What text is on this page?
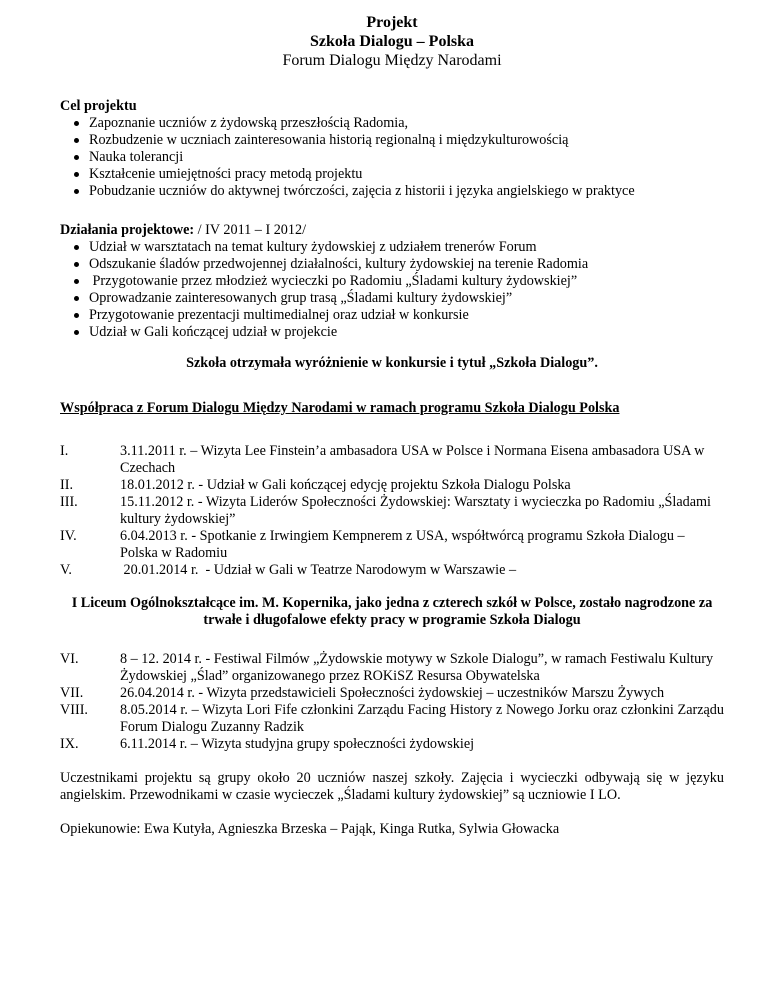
Projekt
Szkoła Dialogu – Polska
Forum Dialogu Między Narodami
Cel projektu
Zapoznanie uczniów z żydowską przeszłością Radomia,
Rozbudzenie w uczniach zainteresowania historią regionalną i międzykulturowością
Nauka tolerancji
Kształcenie umiejętności pracy metodą projektu
Pobudzanie uczniów do aktywnej twórczości, zajęcia z historii i języka angielskiego w praktyce
Działania projektowe: / IV 2011 – I 2012/
Udział w warsztatach na temat kultury żydowskiej z udziałem trenerów Forum
Odszukanie śladów przedwojennej działalności, kultury żydowskiej na terenie Radomia
Przygotowanie przez młodzież wycieczki po Radomiu „Śladami kultury żydowskiej”
Oprowadzanie zainteresowanych grup trasą „Śladami kultury żydowskiej”
Przygotowanie prezentacji multimedialnej oraz udział w konkursie
Udział w Gali kończącej udział w projekcie
Szkoła otrzymała wyróżnienie w konkursie i tytuł „Szkoła Dialogu”.
Współpraca z Forum Dialogu Między Narodami w ramach programu Szkoła Dialogu Polska
I.	3.11.2011 r. – Wizyta Lee Finstein’a ambasadora USA w Polsce i Normana Eisena ambasadora USA w Czechach
II.	18.01.2012 r. - Udział w Gali kończącej edycję projektu Szkoła Dialogu Polska
III.	15.11.2012 r. - Wizyta Liderów Społeczności Żydowskiej: Warsztaty i wycieczka po Radomiu „Śladami kultury żydowskiej”
IV.	6.04.2013 r. - Spotkanie z Irwingiem Kempnerem z USA, współtwórcą programu Szkoła Dialogu – Polska w Radomiu
V.	20.01.2014 r.  - Udział w Gali w Teatrze Narodowym w Warszawie –
I Liceum Ogólnokształcące im. M. Kopernika, jako jedna z czterech szkół w Polsce, zostało nagrodzone za trwałe i długofalowe efekty pracy w programie Szkoła Dialogu
VI.	8 – 12. 2014 r. - Festiwal Filmów „Żydowskie motywy w Szkole Dialogu”, w ramach Festiwalu Kultury Żydowskiej „Ślad” organizowanego przez ROKiSZ Resursa Obywatelska
VII.	26.04.2014 r. - Wizyta przedstawicieli Społeczności żydowskiej – uczestników Marszu Żywych
VIII.	8.05.2014 r. – Wizyta Lori Fife członkini Zarządu Facing History z Nowego Jorku oraz członkini Zarządu Forum Dialogu Zuzanny Radzik
IX.	6.11.2014 r. – Wizyta studyjna grupy społeczności żydowskiej
Uczestnikami projektu są grupy około 20 uczniów naszej szkoły. Zajęcia i wycieczki odbywają się w języku angielskim. Przewodnikami w czasie wycieczek „Śladami kultury żydowskiej” są uczniowie I LO.
Opiekunowie: Ewa Kutyła, Agnieszka Brzeska – Pająk, Kinga Rutka, Sylwia Głowacka
